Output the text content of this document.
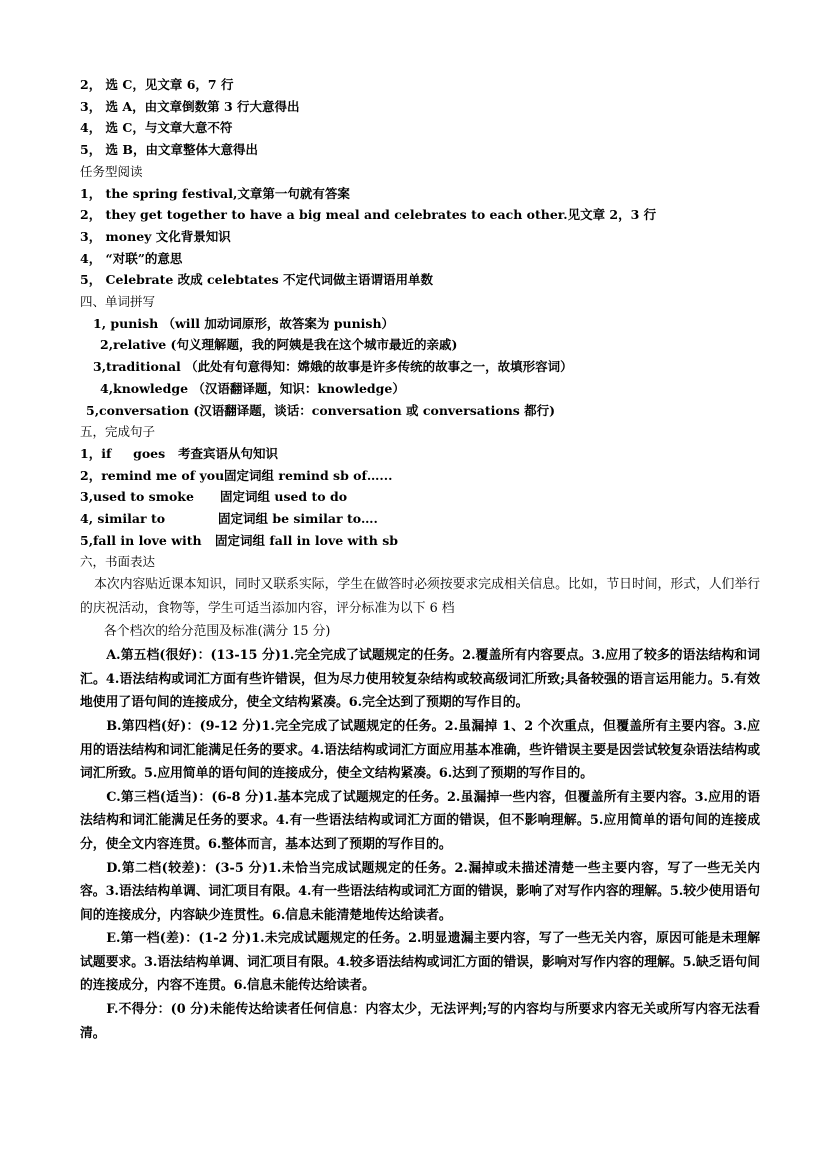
2， 选 C，见文章 6，7 行
3， 选 A，由文章倒数第 3 行大意得出
4， 选 C，与文章大意不符
5， 选 B，由文章整体大意得出
任务型阅读
1， the spring festival,文章第一句就有答案
2， they get together to have a big meal and celebrates to each other.见文章 2，3 行
3， money 文化背景知识
4， “对联”的意思
5， Celebrate 改成 celebtates 不定代词做主语谓语用单数
四、单词拼写
1, punish （will 加动词原形，故答案为 punish）
2,relative (句义理解题，我的阿姨是我在这个城市最近的亲戚)
3,traditional （此处有句意得知：嫦娥的故事是许多传统的故事之一，故填形容词）
4,knowledge （汉语翻译题，知识：knowledge）
5,conversation (汉语翻译题，谈话：conversation 或 conversations 都行)
五，完成句子
1，if     goes 考查宾语从句知识
2，remind me of you固定词组 remind sb of…...
3,used to smoke 固定词组 used to do
4, similar to	固定词组 be similar to….
5,fall in love with 固定词组 fall in love with sb
六，书面表达
本次内容贴近课本知识，同时又联系实际，学生在做答时必须按要求完成相关信息。比如，节日时间，形式，人们举行的庆祝活动，食物等，学生可适当添加内容，评分标准为以下 6 档
各个档次的给分范围及标准(满分 15 分)
A.第五档(很好)：(13-15 分)1.完全完成了试题规定的任务。2.覆盖所有内容要点。3.应用了较多的语法结构和词汇。4.语法结构或词汇方面有些许错误，但为尽力使用较复杂结构或较高级词汇所致;具备较强的语言运用能力。5.有效地使用了语句间的连接成分，使全文结构紧凑。6.完全达到了预期的写作目的。
B.第四档(好)：(9-12 分)1.完全完成了试题规定的任务。2.虽漏掉 1、2 个次重点，但覆盖所有主要内容。3.应用的语法结构和词汇能满足任务的要求。4.语法结构或词汇方面应用基本准确，些许错误主要是因尝试较复杂语法结构或词汇所致。5.应用简单的语句间的连接成分，使全文结构紧凑。6.达到了预期的写作目的。
C.第三档(适当)：(6-8 分)1.基本完成了试题规定的任务。2.虽漏掉一些内容，但覆盖所有主要内容。3.应用的语法结构和词汇能满足任务的要求。4.有一些语法结构或词汇方面的错误，但不影响理解。5.应用简单的语句间的连接成分，使全文内容连贯。6.整体而言，基本达到了预期的写作目的。
D.第二档(较差)：(3-5 分)1.未恰当完成试题规定的任务。2.漏掉或未描述清楚一些主要内容，写了一些无关内容。3.语法结构单调、词汇项目有限。4.有一些语法结构或词汇方面的错误，影响了对写作内容的理解。5.较少使用语句间的连接成分，内容缺少连贯性。6.信息未能清楚地传达给读者。
E.第一档(差)：(1-2 分)1.未完成试题规定的任务。2.明显遗漏主要内容，写了一些无关内容，原因可能是未理解试题要求。3.语法结构单调、词汇项目有限。4.较多语法结构或词汇方面的错误，影响对写作内容的理解。5.缺乏语句间的连接成分，内容不连贯。6.信息未能传达给读者。
F.不得分：(0 分)未能传达给读者任何信息：内容太少，无法评判;写的内容均与所要求内容无关或所写内容无法看清。
